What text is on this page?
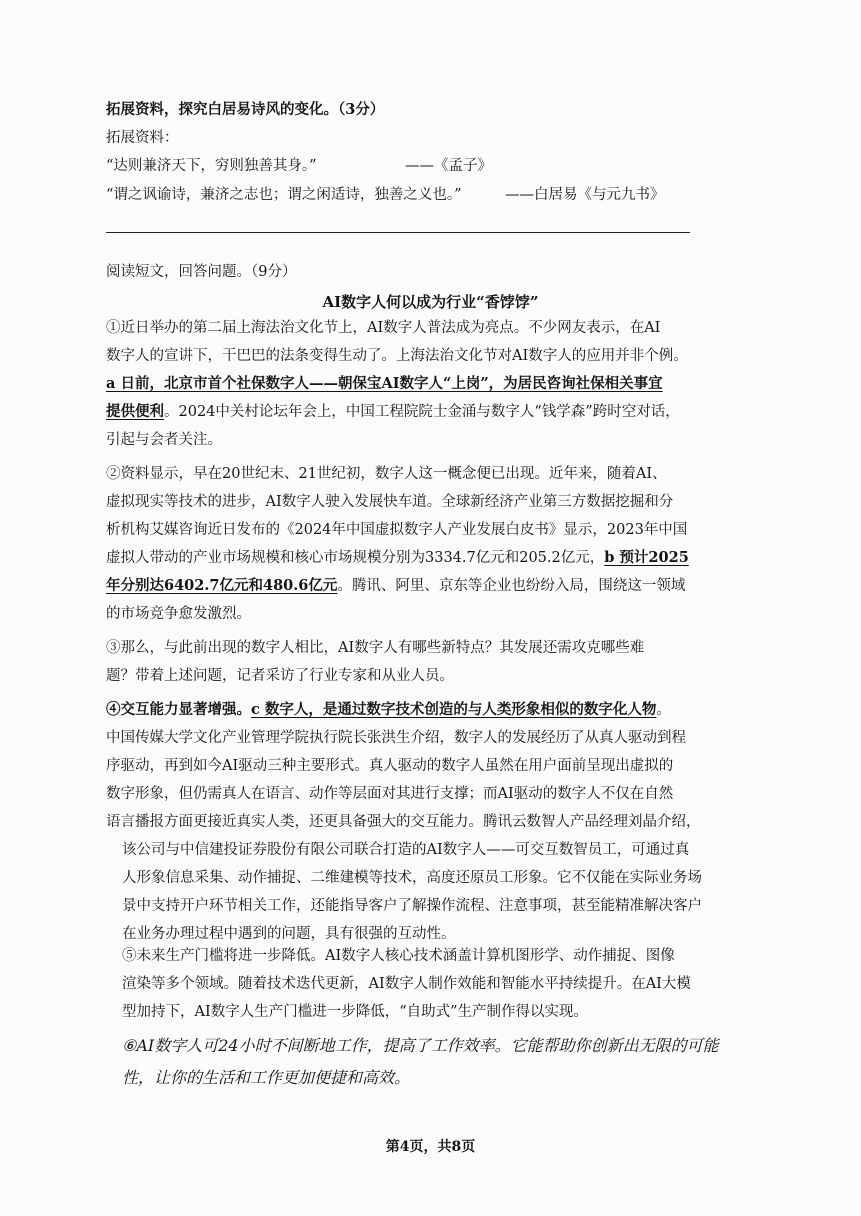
拓展资料，探究白居易诗风的变化。（3分）
拓展资料：
“达则兼济天下，穷则独善其身。”	——《孟子》
“谓之讽谕诗，兼济之志也；谓之闲适诗，独善之义也。”	——白居易《与元九书》
阅读短文，回答问题。（9分）
AI数字人何以成为行业“香饽饽”
①近日举办的第二届上海法治文化节上，AI数字人普法成为亮点。不少网友表示，在AI
数字人的宣讲下，干巴巴的法条变得生动了。上海法治文化节对AI数字人的应用并非个例。
a 日前，北京市首个社保数字人——朝保宝AI数字人“上岗”，为居民咨询社保相关事宜
提供便利。2024中关村论坛年会上，中国工程院院士金涌与数字人“钱学森”跨时空对话，
引起与会者关注。
②资料显示，早在20世纪末、21世纪初，数字人这一概念便已出现。近年来，随着AI、
虚拟现实等技术的进步，AI数字人驶入发展快车道。全球新经济产业第三方数据挖掘和分
析机构艾媒咨询近日发布的《2024年中国虚拟数字人产业发展白皮书》显示，2023年中国
虚拟人带动的产业市场规模和核心市场规模分别为3334.7亿元和205.2亿元，b 预计2025
年分别达6402.7亿元和480.6亿元。腾讯、阿里、京东等企业也纷纷入局，围绕这一领域
的市场竞争愈发激烈。
③那么，与此前出现的数字人相比，AI数字人有哪些新特点？其发展还需攻克哪些难
题？带着上述问题，记者采访了行业专家和从业人员。
④交互能力显著增强。c 数字人，是通过数字技术创造的与人类形象相似的数字化人物。
中国传媒大学文化产业管理学院执行院长张洪生介绍，数字人的发展经历了从真人驱动到程
序驱动，再到如今AI驱动三种主要形式。真人驱动的数字人虽然在用户面前呈现出虚拟的
数字形象，但仍需真人在语言、动作等层面对其进行支撑；而AI驱动的数字人不仅在自然
语言播报方面更接近真实人类，还更具备强大的交互能力。腾讯云数智人产品经理刘晶介绍，
该公司与中信建投证券股份有限公司联合打造的AI数字人——可交互数智员工，可通过真
人形象信息采集、动作捕捉、二维建模等技术，高度还原员工形象。它不仅能在实际业务场
景中支持开户环节相关工作，还能指导客户了解操作流程、注意事项，甚至能精准解决客户
在业务办理过程中遇到的问题，具有很强的互动性。
⑤未来生产门槛将进一步降低。AI数字人核心技术涵盖计算机图形学、动作捕捉、图像
渲染等多个领域。随着技术迭代更新，AI数字人制作效能和智能水平持续提升。在AI大模
型加持下，AI数字人生产门槛进一步降低，“自助式”生产制作得以实现。
⑥AI数字人可24小时不间断地工作，提高了工作效率。它能帮助你创新出无限的可能
性，让你的生活和工作更加便捷和高效。
第4页，共8页
